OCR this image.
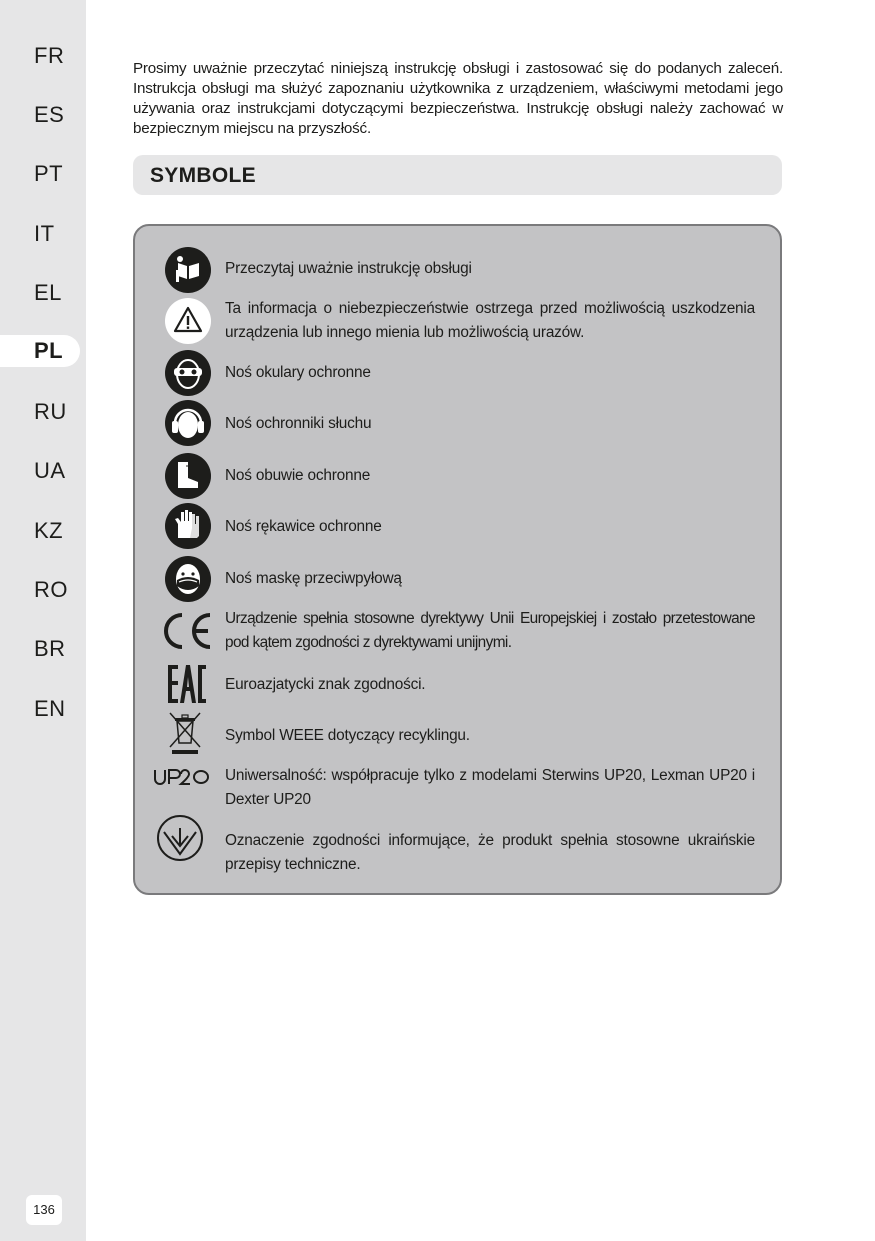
FR
ES
PT
IT
EL
PL
RU
UA
KZ
RO
BR
EN
136
Prosimy uważnie przeczytać niniejszą instrukcję obsługi i zastosować się do podanych zaleceń. Instrukcja obsługi ma służyć zapoznaniu użytkownika z urządzeniem, właściwymi metodami jego używania oraz instrukcjami dotyczącymi bezpieczeństwa. Instrukcję obsługi należy zachować w bezpiecznym miejscu na przyszłość.
SYMBOLE
Przeczytaj uważnie instrukcję obsługi
Ta informacja o niebezpieczeństwie ostrzega przed możliwością uszkodzenia urządzenia lub innego mienia lub możliwością urazów.
Noś okulary ochronne
Noś ochronniki słuchu
Noś obuwie ochronne
Noś rękawice ochronne
Noś maskę przeciwpyłową
Urządzenie spełnia stosowne dyrektywy Unii Europejskiej i zostało przetestowane pod kątem zgodności z dyrektywami unijnymi.
Euroazjatycki znak zgodności.
Symbol WEEE dotyczący recyklingu.
Uniwersalność: współpracuje tylko z modelami Sterwins UP20, Lexman UP20 i Dexter UP20
Oznaczenie zgodności informujące, że produkt spełnia stosowne ukraińskie przepisy techniczne.
